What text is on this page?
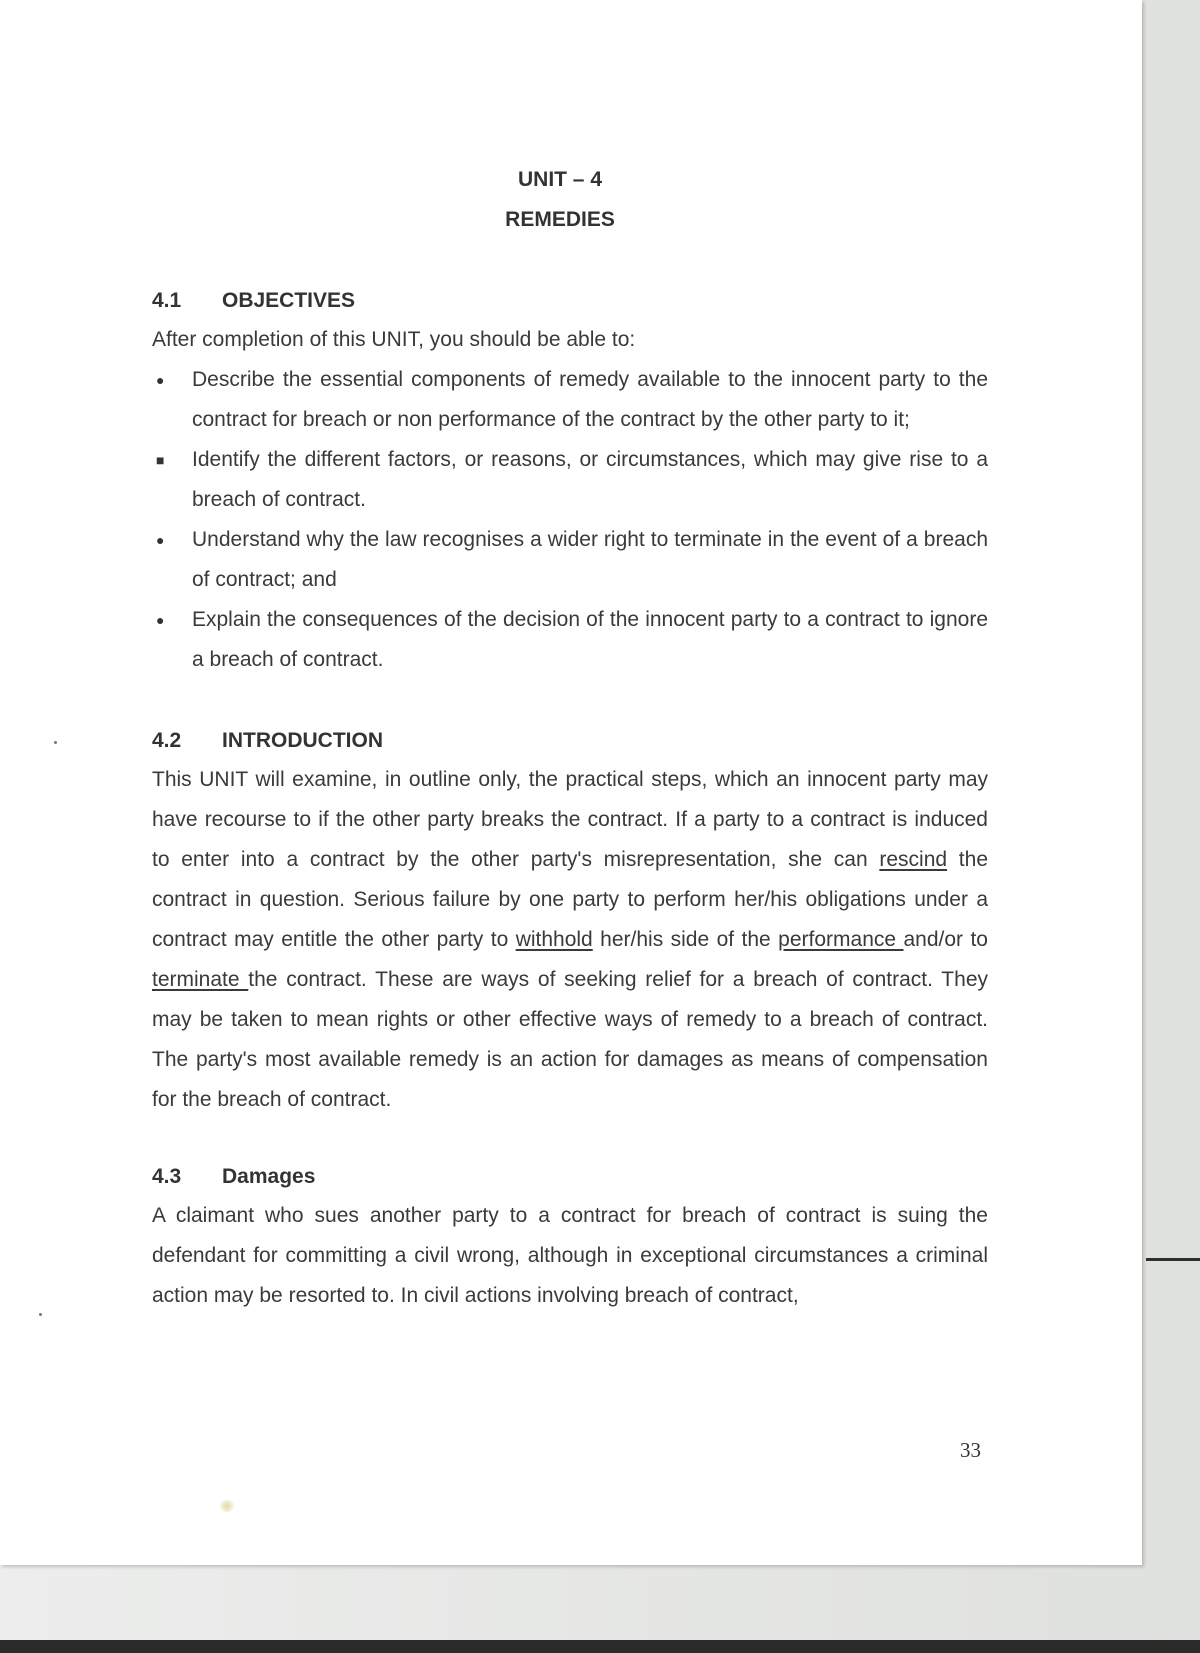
UNIT – 4
REMEDIES
4.1	OBJECTIVES

After completion of this UNIT, you should be able to:

● Describe the essential components of remedy available to the innocent party to the contract for breach or non performance of the contract by the other party to it;
■ Identify the different factors, or reasons, or circumstances, which may give rise to a breach of contract.
● Understand why the law recognises a wider right to terminate in the event of a breach of contract; and
● Explain the consequences of the decision of the innocent party to a contract to ignore a breach of contract.
4.2	INTRODUCTION

This UNIT will examine, in outline only, the practical steps, which an innocent party may have recourse to if the other party breaks the contract. If a party to a contract is induced to enter into a contract by the other party's misrepresentation, she can rescind the contract in question. Serious failure by one party to perform her/his obligations under a contract may entitle the other party to withhold her/his side of the performance and/or to terminate the contract. These are ways of seeking relief for a breach of contract. They may be taken to mean rights or other effective ways of remedy to a breach of contract. The party's most available remedy is an action for damages as means of compensation for the breach of contract.

4.3	Damages

A claimant who sues another party to a contract for breach of contract is suing the defendant for committing a civil wrong, although in exceptional circumstances a criminal action may be resorted to. In civil actions involving breach of contract,

33
